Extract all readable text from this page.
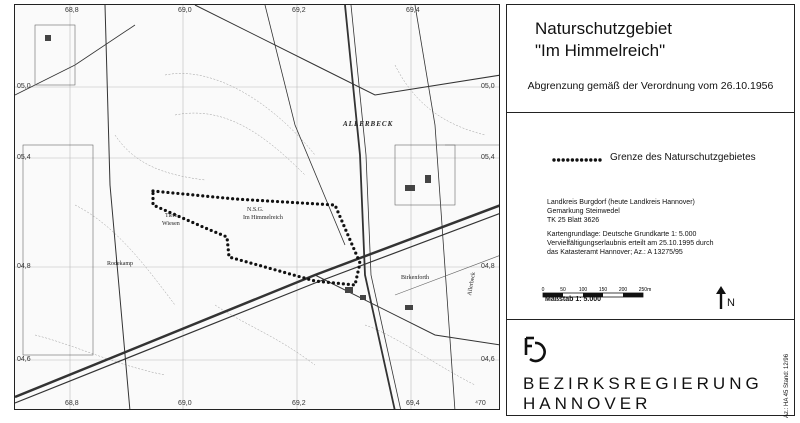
68,8	69,0	69,2	69,4
68,8	69,0	69,2	69,4	⁴70
05,0
05,4
04,8
04,6
05,0
05,4
04,8
04,6
ALLERBECK
N.S.G.
Im Himmelreich
Tiefe
Wiesen
Rodekamp
Birkenforth	Allerbeck
Naturschutzgebiet
"Im Himmelreich"
Abgrenzung gemäß der Verordnung vom 26.10.1956
Grenze des Naturschutzgebietes
Landkreis Burgdorf (heute Landkreis Hannover)
Gemarkung Steinwedel
TK 25 Blatt 3626
Kartengrundlage: Deutsche Grundkarte 1: 5.000
Vervielfältigungserlaubnis erteilt am 25.10.1995 durch
das Katasteramt Hannover; Az.: A 13275/95
0	50	100 150 200 250m
Maßstab 1: 5.000	N
BEZIRKSREGIERUNG
HANNOVER	Az.: HA 45 Stand: 12/96
